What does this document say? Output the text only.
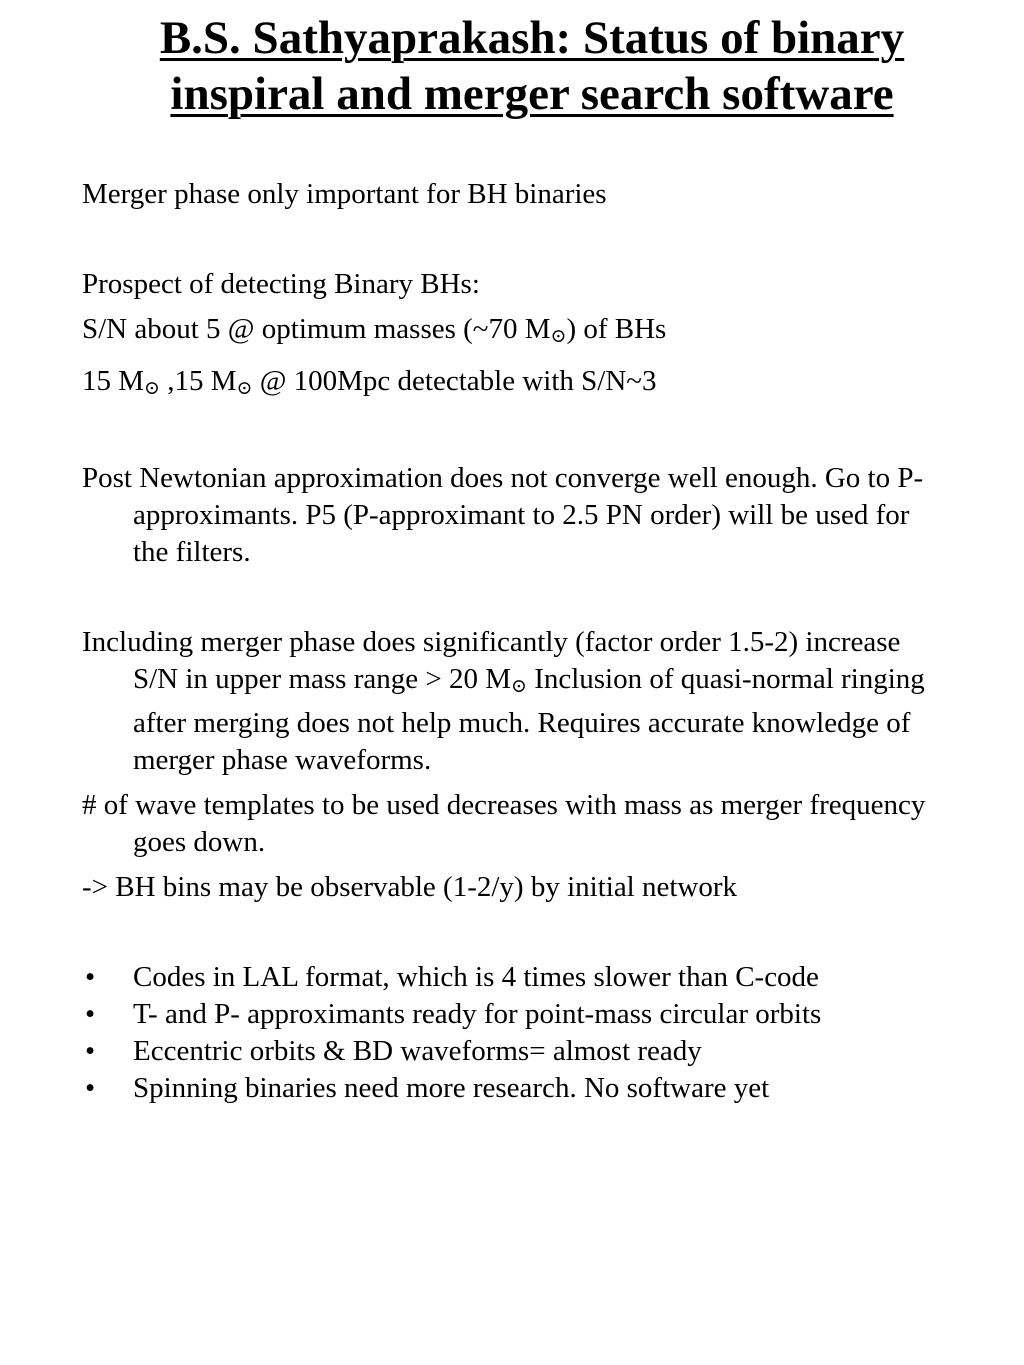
B.S. Sathyaprakash: Status of binary
inspiral and merger search software

Merger phase only important for BH binaries

Prospect of detecting Binary BHs:

S/N about 5 @ optimum masses (~70 M⊙) of BHs

15 M⊙ ,15 M⊙ @ 100Mpc detectable with S/N~3

Post Newtonian approximation does not converge well enough. Go to P-approximants. P5 (P-approximant to 2.5 PN order) will be used for the filters.

Including merger phase does significantly (factor order 1.5-2) increase S/N in upper mass range > 20 M⊙ Inclusion of quasi-normal ringing after merging does not help much. Requires accurate knowledge of merger phase waveforms.

# of wave templates to be used decreases with mass as merger frequency goes down.

-> BH bins may be observable (1-2/y) by initial network

• Codes in LAL format, which is 4 times slower than C-code

• T- and P- approximants ready for point-mass circular orbits

• Eccentric orbits & BD waveforms= almost ready

• Spinning binaries need more research. No software yet
